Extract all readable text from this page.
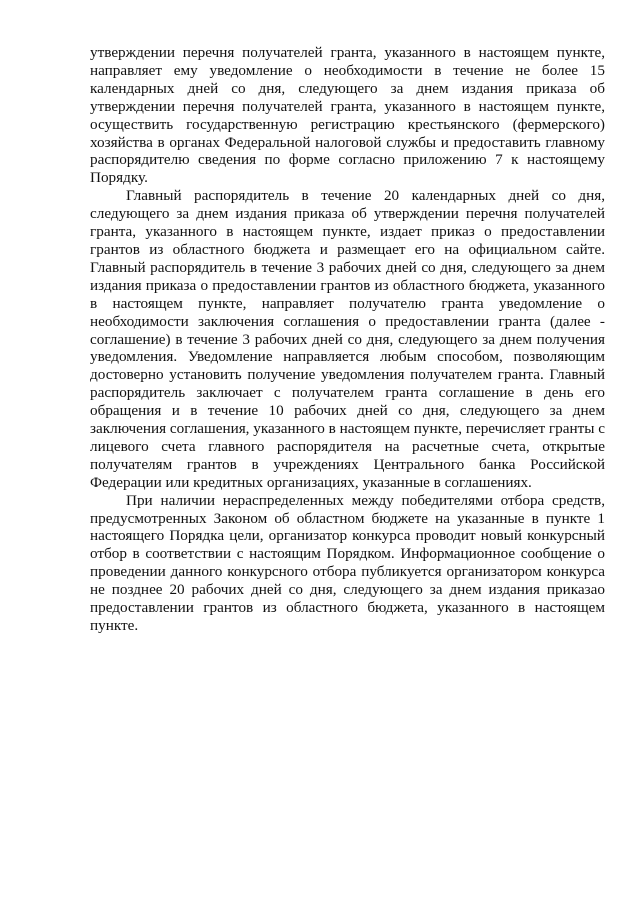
утверждении перечня получателей гранта, указанного в настоящем пункте, направляет ему уведомление о необходимости в течение не более 15 календарных дней со дня, следующего за днем издания приказа об утверждении перечня получателей гранта, указанного в настоящем пункте, осуществить государственную регистрацию крестьянского (фермерского) хозяйства в органах Федеральной налоговой службы и предоставить главному распорядителю сведения по форме согласно приложению 7 к настоящему Порядку.

Главный распорядитель в течение 20 календарных дней со дня, следующего за днем издания приказа об утверждении перечня получателей гранта, указанного в настоящем пункте, издает приказ о предоставлении грантов из областного бюджета и размещает его на официальном сайте. Главный распорядитель в течение 3 рабочих дней со дня, следующего за днем издания приказа о предоставлении грантов из областного бюджета, указанного в настоящем пункте, направляет получателю гранта уведомление о необходимости заключения соглашения о предоставлении гранта (далее - соглашение) в течение 3 рабочих дней со дня, следующего за днем получения уведомления. Уведомление направляется любым способом, позволяющим достоверно установить получение уведомления получателем гранта. Главный распорядитель заключает с получателем гранта соглашение в день его обращения и в течение 10 рабочих дней со дня, следующего за днем заключения соглашения, указанного в настоящем пункте, перечисляет гранты с лицевого счета главного распорядителя на расчетные счета, открытые получателям грантов в учреждениях Центрального банка Российской Федерации или кредитных организациях, указанные в соглашениях.

При наличии нераспределенных между победителями отбора средств, предусмотренных Законом об областном бюджете на указанные в пункте 1 настоящего Порядка цели, организатор конкурса проводит новый конкурсный отбор в соответствии с настоящим Порядком. Информационное сообщение о проведении данного конкурсного отбора публикуется организатором конкурса не позднее 20 рабочих дней со дня, следующего за днем издания приказао предоставлении грантов из областного бюджета, указанного в настоящем пункте.
